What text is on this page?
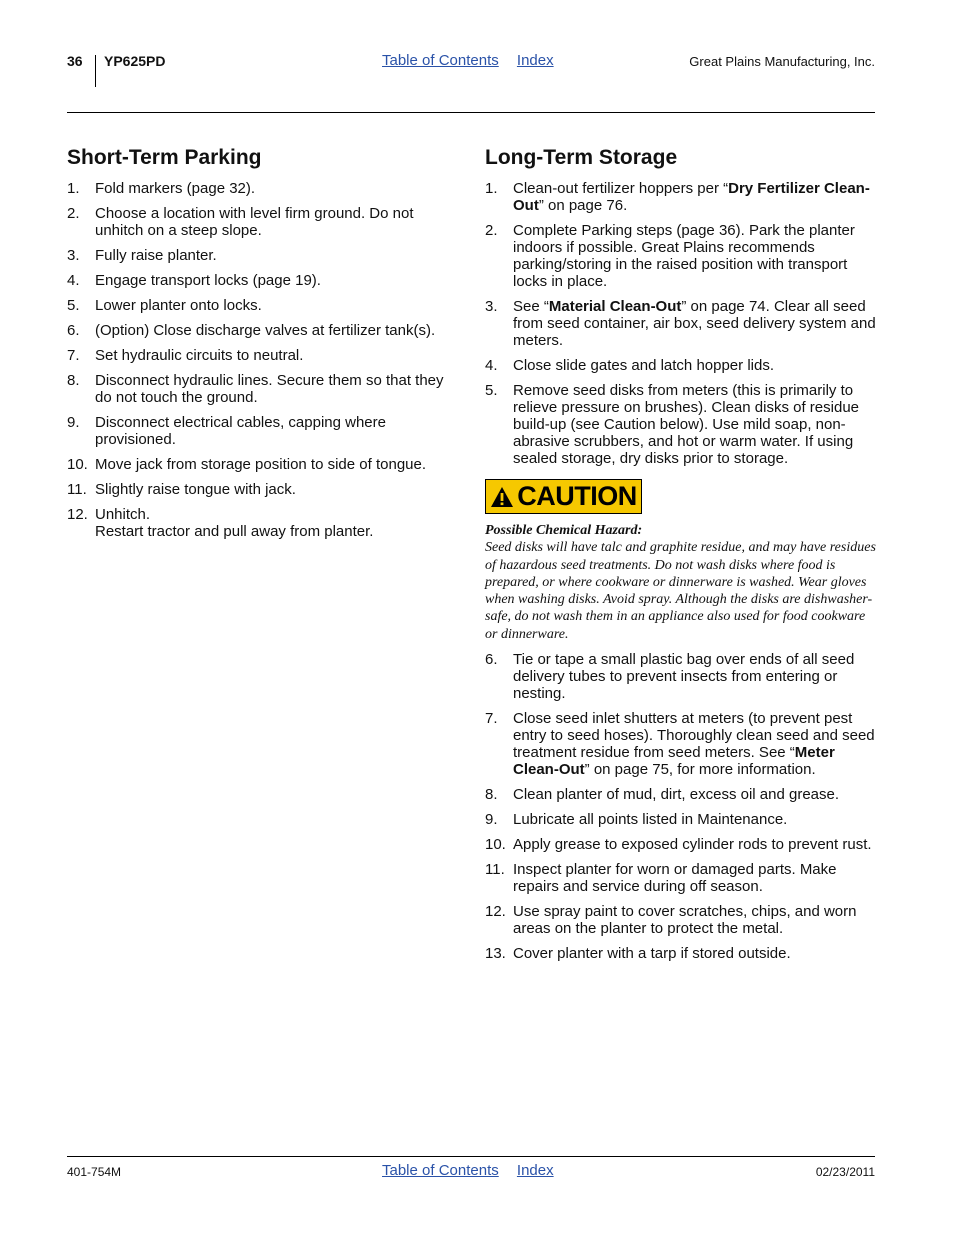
36 YP625PD	Table of Contents Index	Great Plains Manufacturing, Inc.
Short-Term Parking
1. Fold markers (page 32).
2. Choose a location with level firm ground. Do not unhitch on a steep slope.
3. Fully raise planter.
4. Engage transport locks (page 19).
5. Lower planter onto locks.
6. (Option) Close discharge valves at fertilizer tank(s).
7. Set hydraulic circuits to neutral.
8. Disconnect hydraulic lines. Secure them so that they do not touch the ground.
9. Disconnect electrical cables, capping where provisioned.
10. Move jack from storage position to side of tongue.
11. Slightly raise tongue with jack.
12. Unhitch.
Restart tractor and pull away from planter.
Long-Term Storage
1. Clean-out fertilizer hoppers per “Dry Fertilizer Clean-Out” on page 76.
2. Complete Parking steps (page 36). Park the planter indoors if possible. Great Plains recommends parking/storing in the raised position with transport locks in place.
3. See “Material Clean-Out” on page 74. Clear all seed from seed container, air box, seed delivery system and meters.
4. Close slide gates and latch hopper lids.
5. Remove seed disks from meters (this is primarily to relieve pressure on brushes). Clean disks of residue build-up (see Caution below). Use mild soap, non-abrasive scrubbers, and hot or warm water. If using sealed storage, dry disks prior to storage.
CAUTION
Possible Chemical Hazard:
Seed disks will have talc and graphite residue, and may have residues of hazardous seed treatments. Do not wash disks where food is prepared, or where cookware or dinnerware is washed. Wear gloves when washing disks. Avoid spray. Although the disks are dishwasher-safe, do not wash them in an appliance also used for food cookware or dinnerware.
6. Tie or tape a small plastic bag over ends of all seed delivery tubes to prevent insects from entering or nesting.
7. Close seed inlet shutters at meters (to prevent pest entry to seed hoses). Thoroughly clean seed and seed treatment residue from seed meters. See “Meter Clean-Out” on page 75, for more information.
8. Clean planter of mud, dirt, excess oil and grease.
9. Lubricate all points listed in Maintenance.
10. Apply grease to exposed cylinder rods to prevent rust.
11. Inspect planter for worn or damaged parts. Make repairs and service during off season.
12. Use spray paint to cover scratches, chips, and worn areas on the planter to protect the metal.
13. Cover planter with a tarp if stored outside.
401-754M	Table of Contents Index	02/23/2011
